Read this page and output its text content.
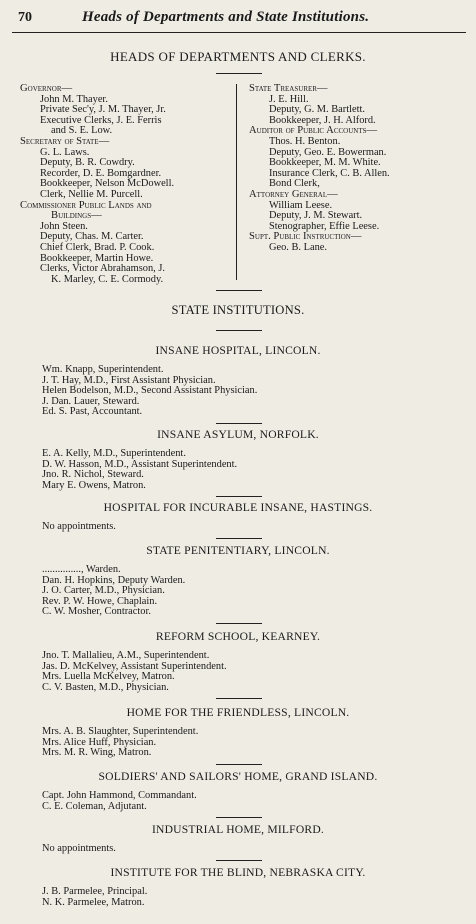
70	Heads of Departments and State Institutions.
HEADS OF DEPARTMENTS AND CLERKS.
Governor—
John M. Thayer.
Private Sec'y, J. M. Thayer, Jr.
Executive Clerks, J. E. Ferris
and S. E. Low.
Secretary of State—
G. L. Laws.
Deputy, B. R. Cowdry.
Recorder, D. E. Bomgardner.
Bookkeeper, Nelson McDowell.
Clerk, Nellie M. Purcell.
Commissioner Public Lands and
Buildings—
John Steen.
Deputy, Chas. M. Carter.
Chief Clerk, Brad. P. Cook.
Bookkeeper, Martin Howe.
Clerks, Victor Abrahamson, J.
K. Marley, C. E. Cormody.
State Treasurer—
J. E. Hill.
Deputy, G. M. Bartlett.
Bookkeeper, J. H. Alford.
Auditor of Public Accounts—
Thos. H. Benton.
Deputy, Geo. E. Bowerman.
Bookkeeper, M. M. White.
Insurance Clerk, C. B. Allen.
Bond Clerk,
Attorney General—
William Leese.
Deputy, J. M. Stewart.
Stenographer, Effie Leese.
Supt. Public Instruction—
Geo. B. Lane.
STATE INSTITUTIONS.
INSANE HOSPITAL, LINCOLN.
Wm. Knapp, Superintendent.
J. T. Hay, M.D., First Assistant Physician.
Helen Bodelson, M.D., Second Assistant Physician.
J. Dan. Lauer, Steward.
Ed. S. Past, Accountant.
INSANE ASYLUM, NORFOLK.
E. A. Kelly, M.D., Superintendent.
D. W. Hasson, M.D., Assistant Superintendent.
Jno. R. Nichol, Steward.
Mary E. Owens, Matron.
HOSPITAL FOR INCURABLE INSANE, HASTINGS.
No appointments.
STATE PENITENTIARY, LINCOLN.
..............., Warden.
Dan. H. Hopkins, Deputy Warden.
J. O. Carter, M.D., Physician.
Rev. P. W. Howe, Chaplain.
C. W. Mosher, Contractor.
REFORM SCHOOL, KEARNEY.
Jno. T. Mallalieu, A.M., Superintendent.
Jas. D. McKelvey, Assistant Superintendent.
Mrs. Luella McKelvey, Matron.
C. V. Basten, M.D., Physician.
HOME FOR THE FRIENDLESS, LINCOLN.
Mrs. A. B. Slaughter, Superintendent.
Mrs. Alice Huff, Physician.
Mrs. M. R. Wing, Matron.
SOLDIERS' AND SAILORS' HOME, GRAND ISLAND.
Capt. John Hammond, Commandant.
C. E. Coleman, Adjutant.
INDUSTRIAL HOME, MILFORD.
No appointments.
INSTITUTE FOR THE BLIND, NEBRASKA CITY.
J. B. Parmelee, Principal.
N. K. Parmelee, Matron.
